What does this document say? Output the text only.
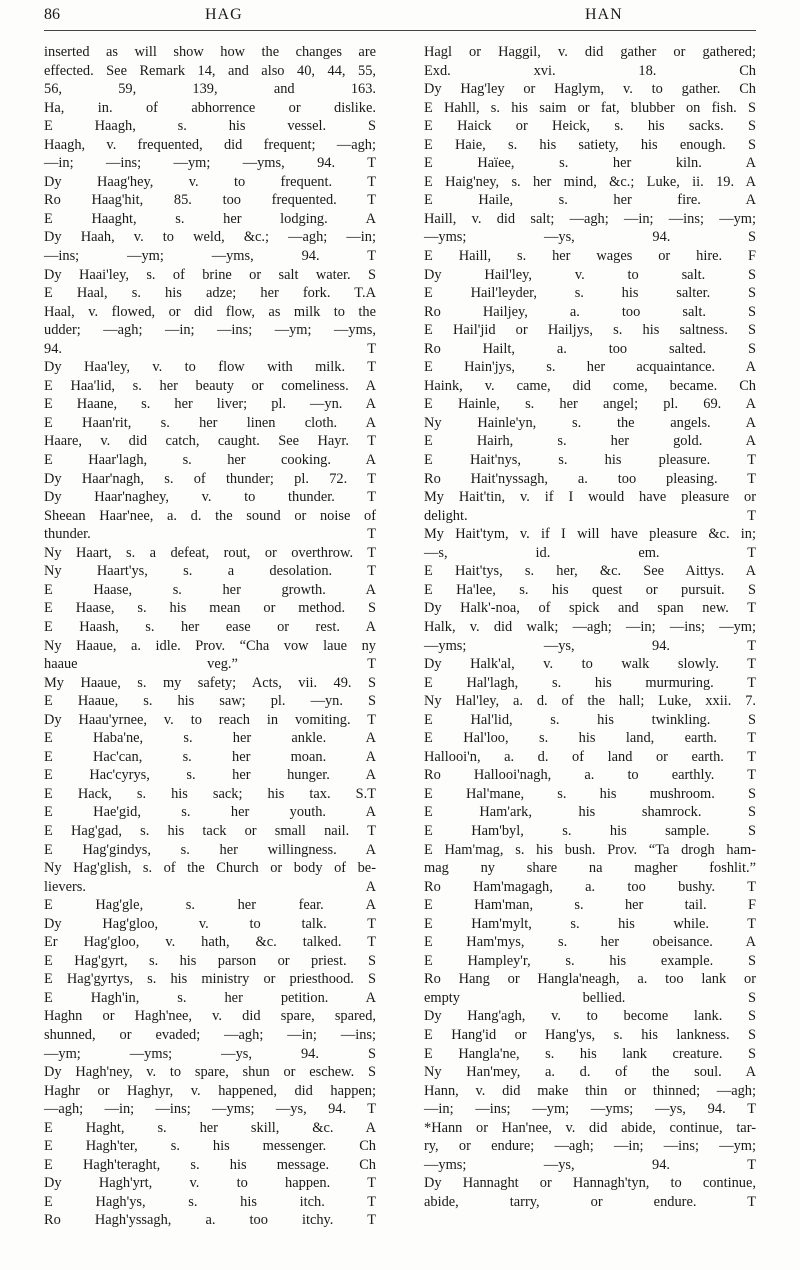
86	HAG	HAN
inserted as will show how the changes are
effected. See Remark 14, and also 40, 44, 55,
56, 59, 139, and 163.
Ha, in. of abhorrence or dislike.
E Haagh, s. his vessel. S
Haagh, v. frequented, did frequent; —agh;
—in; —ins; —ym; —yms, 94. T
Dy Haag'hey, v. to frequent. T
Ro Haag'hit, 85. too frequented. T
E Haaght, s. her lodging. A
Dy Haah, v. to weld, &c.; —agh; —in;
—ins; —ym; —yms, 94. T
Dy Haai'ley, s. of brine or salt water. S
E Haal, s. his adze; her fork. T.A
Haal, v. flowed, or did flow, as milk to the
udder; —agh; —in; —ins; —ym; —yms,
94. T
Dy Haa'ley, v. to flow with milk. T
E Haa'lid, s. her beauty or comeliness. A
E Haane, s. her liver; pl. —yn. A
E Haan'rit, s. her linen cloth. A
Haare, v. did catch, caught. See Hayr. T
E Haar'lagh, s. her cooking. A
Dy Haar'nagh, s. of thunder; pl. 72. T
Dy Haar'naghey, v. to thunder. T
Sheean Haar'nee, a. d. the sound or noise of
thunder. T
Ny Haart, s. a defeat, rout, or overthrow. T
Ny Haart'ys, s. a desolation. T
E Haase, s. her growth. A
E Haase, s. his mean or method. S
E Haash, s. her ease or rest. A
Ny Haaue, a. idle. Prov. “Cha vow laue ny
haaue veg.” T
My Haaue, s. my safety; Acts, vii. 49. S
E Haaue, s. his saw; pl. —yn. S
Dy Haau'yrnee, v. to reach in vomiting. T
E Haba'ne, s. her ankle. A
E Hac'can, s. her moan. A
E Hac'cyrys, s. her hunger. A
E Hack, s. his sack; his tax. S.T
E Hae'gid, s. her youth. A
E Hag'gad, s. his tack or small nail. T
E Hag'gindys, s. her willingness. A
Ny Hag'glish, s. of the Church or body of be-
lievers. A
E Hag'gle, s. her fear. A
Dy Hag'gloo, v. to talk. T
Er Hag'gloo, v. hath, &c. talked. T
E Hag'gyrt, s. his parson or priest. S
E Hag'gyrtys, s. his ministry or priesthood. S
E Hagh'in, s. her petition. A
Haghn or Hagh'nee, v. did spare, spared,
shunned, or evaded; —agh; —in; —ins;
—ym; —yms; —ys, 94. S
Dy Hagh'ney, v. to spare, shun or eschew. S
Haghr or Haghyr, v. happened, did happen;
—agh; —in; —ins; —yms; —ys, 94. T
E Haght, s. her skill, &c. A
E Hagh'ter, s. his messenger. Ch
E Hagh'teraght, s. his message. Ch
Dy Hagh'yrt, v. to happen. T
E Hagh'ys, s. his itch. T
Ro Hagh'yssagh, a. too itchy. T
Hagl or Haggil, v. did gather or gathered;
Exd. xvi. 18. Ch
Dy Hag'ley or Haglym, v. to gather. Ch
E Hahll, s. his saim or fat, blubber on fish. S
E Haick or Heick, s. his sacks. S
E Haie, s. his satiety, his enough. S
E Haïee, s. her kiln. A
E Haig'ney, s. her mind, &c.; Luke, ii. 19. A
E Haile, s. her fire. A
Haill, v. did salt; —agh; —in; —ins; —ym;
—yms; —ys, 94. S
E Haill, s. her wages or hire. F
Dy Hail'ley, v. to salt. S
E Hail'leyder, s. his salter. S
Ro Hailjey, a. too salt. S
E Hail'jid or Hailjys, s. his saltness. S
Ro Hailt, a. too salted. S
E Hain'jys, s. her acquaintance. A
Haink, v. came, did come, became. Ch
E Hainle, s. her angel; pl. 69. A
Ny Hainle'yn, s. the angels. A
E Hairh, s. her gold. A
E Hait'nys, s. his pleasure. T
Ro Hait'nyssagh, a. too pleasing. T
My Hait'tin, v. if I would have pleasure or
delight. T
My Hait'tym, v. if I will have pleasure &c. in;
—s, id. em. T
E Hait'tys, s. her, &c. See Aittys. A
E Ha'lee, s. his quest or pursuit. S
Dy Halk'-noa, of spick and span new. T
Halk, v. did walk; —agh; —in; —ins; —ym;
—yms; —ys, 94. T
Dy Halk'al, v. to walk slowly. T
E Hal'lagh, s. his murmuring. T
Ny Hal'ley, a. d. of the hall; Luke, xxii. 7.
E Hal'lid, s. his twinkling. S
E Hal'loo, s. his land, earth. T
Hallooi'n, a. d. of land or earth. T
Ro Hallooi'nagh, a. to earthly. T
E Hal'mane, s. his mushroom. S
E Ham'ark, his shamrock. S
E Ham'byl, s. his sample. S
E Ham'mag, s. his bush. Prov. “Ta drogh ham-
mag ny share na magher foshlit.”
Ro Ham'magagh, a. too bushy. T
E Ham'man, s. her tail. F
E Ham'mylt, s. his while. T
E Ham'mys, s. her obeisance. A
E Hampley'r, s. his example. S
Ro Hang or Hangla'neagh, a. too lank or
empty bellied. S
Dy Hang'agh, v. to become lank. S
E Hang'id or Hang'ys, s. his lankness. S
E Hangla'ne, s. his lank creature. S
Ny Han'mey, a. d. of the soul. A
Hann, v. did make thin or thinned; —agh;
—in; —ins; —ym; —yms; —ys, 94. T
*Hann or Han'nee, v. did abide, continue, tar-
ry, or endure; —agh; —in; —ins; —ym;
—yms; —ys, 94. T
Dy Hannaght or Hannagh'tyn, to continue,
abide, tarry, or endure. T
